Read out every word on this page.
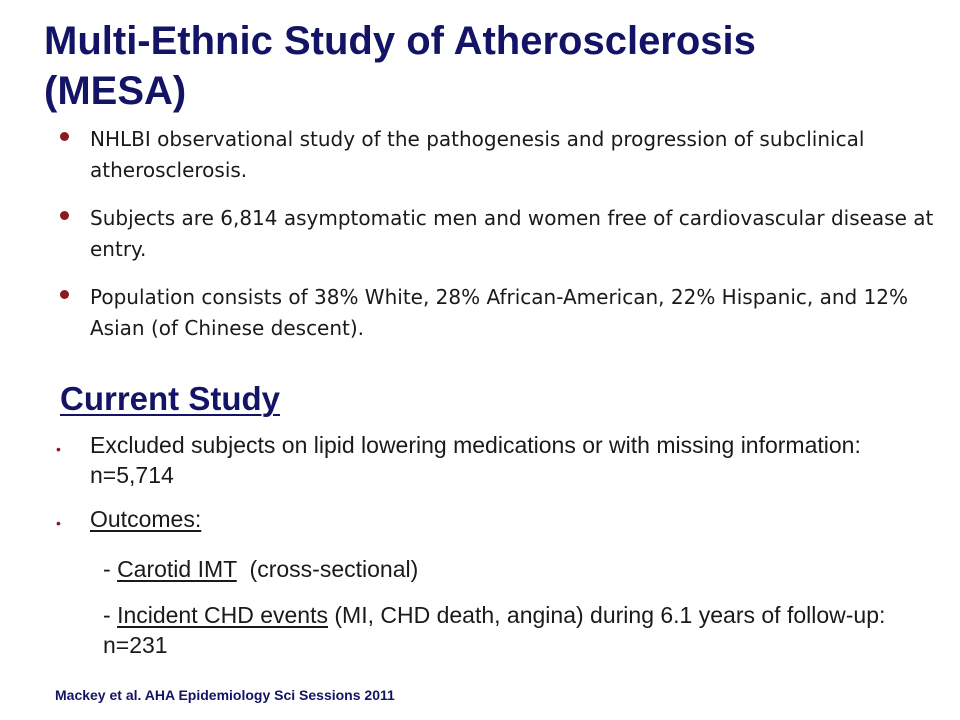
Multi-Ethnic Study of Atherosclerosis
(MESA)
NHLBI observational study of the pathogenesis and progression of subclinical atherosclerosis.
Subjects are 6,814 asymptomatic men and women free of cardiovascular disease at entry.
Population consists of 38% White, 28% African-American, 22% Hispanic, and 12% Asian (of Chinese descent).
Current Study
• Excluded subjects on lipid lowering medications or with missing information: n=5,714
• Outcomes:

- Carotid IMT  (cross-sectional)

- Incident CHD events (MI, CHD death, angina) during 6.1 years of follow-up: n=231

Mackey et al. AHA Epidemiology Sci Sessions 2011
